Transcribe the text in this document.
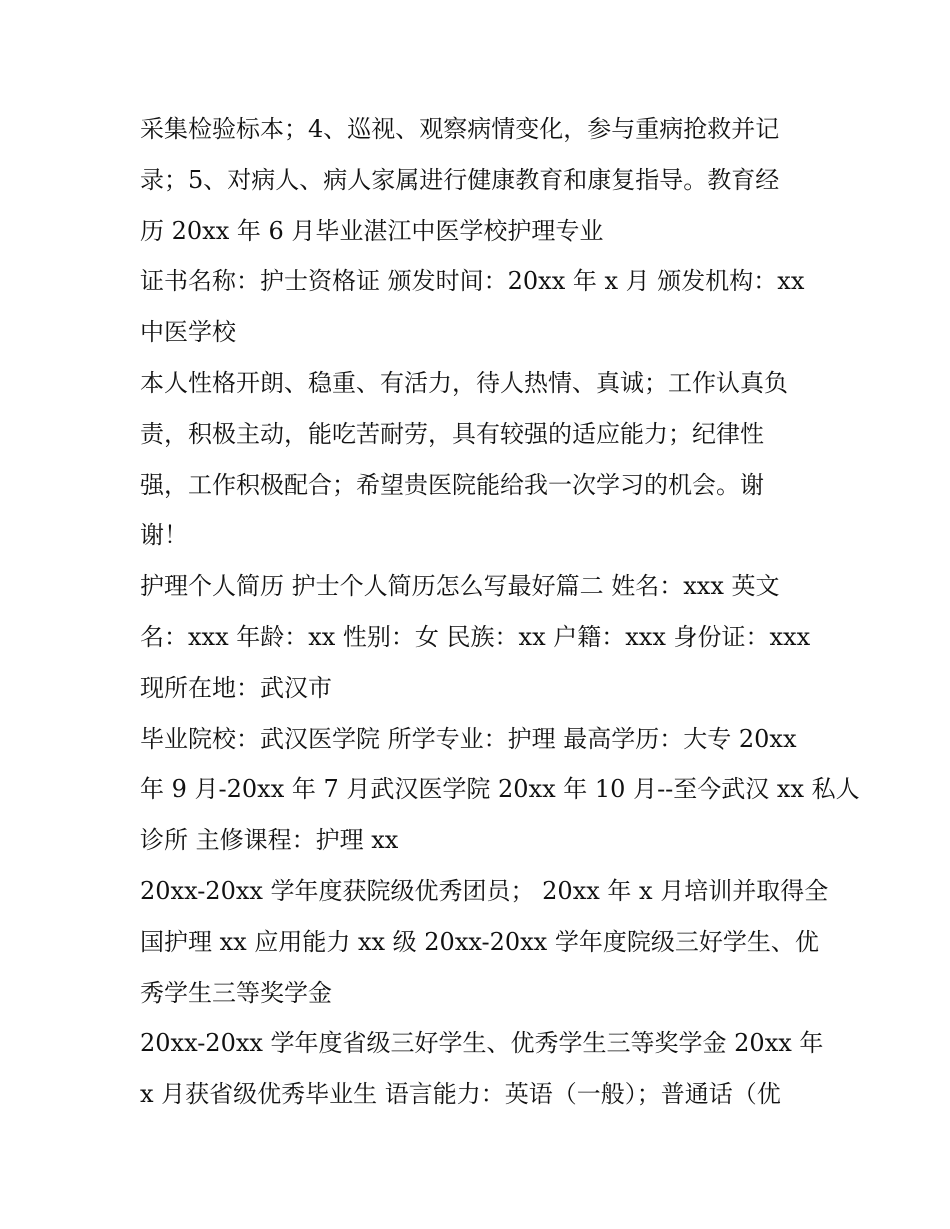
采集检验标本；4、巡视、观察病情变化，参与重病抢救并记
录；5、对病人、病人家属进行健康教育和康复指导。教育经
历 20xx 年 6 月毕业湛江中医学校护理专业
证书名称：护士资格证 颁发时间：20xx 年 x 月 颁发机构：xx
中医学校
本人性格开朗、稳重、有活力，待人热情、真诚；工作认真负
责，积极主动，能吃苦耐劳，具有较强的适应能力；纪律性
强，工作积极配合；希望贵医院能给我一次学习的机会。谢
谢！
护理个人简历 护士个人简历怎么写最好篇二 姓名：xxx 英文
名：xxx 年龄：xx 性别：女 民族：xx 户籍：xxx 身份证：xxx
现所在地：武汉市
毕业院校：武汉医学院 所学专业：护理 最高学历：大专 20xx
年 9 月-20xx 年 7 月武汉医学院 20xx 年 10 月--至今武汉 xx 私人
诊所 主修课程：护理 xx
20xx-20xx 学年度获院级优秀团员； 20xx 年 x 月培训并取得全
国护理 xx 应用能力 xx 级 20xx-20xx 学年度院级三好学生、优
秀学生三等奖学金
20xx-20xx 学年度省级三好学生、优秀学生三等奖学金 20xx 年
x 月获省级优秀毕业生 语言能力：英语（一般）；普通话（优
